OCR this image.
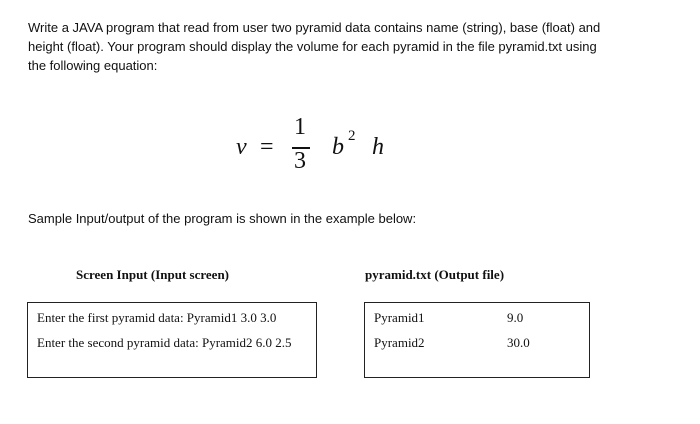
Write a JAVA program that read from user two pyramid data contains name (string), base (float) and
height (float). Your program should display the volume for each pyramid in the file pyramid.txt using
the following equation:
v =
1
3
b 2 h
Sample Input/output of the program is shown in the example below:
Screen Input (Input screen)	pyramid.txt (Output file)
Enter the first pyramid data: Pyramid1 3.0 3.0
Enter the second pyramid data: Pyramid2 6.0 2.5
Pyramid1	9.0
Pyramid2	30.0
